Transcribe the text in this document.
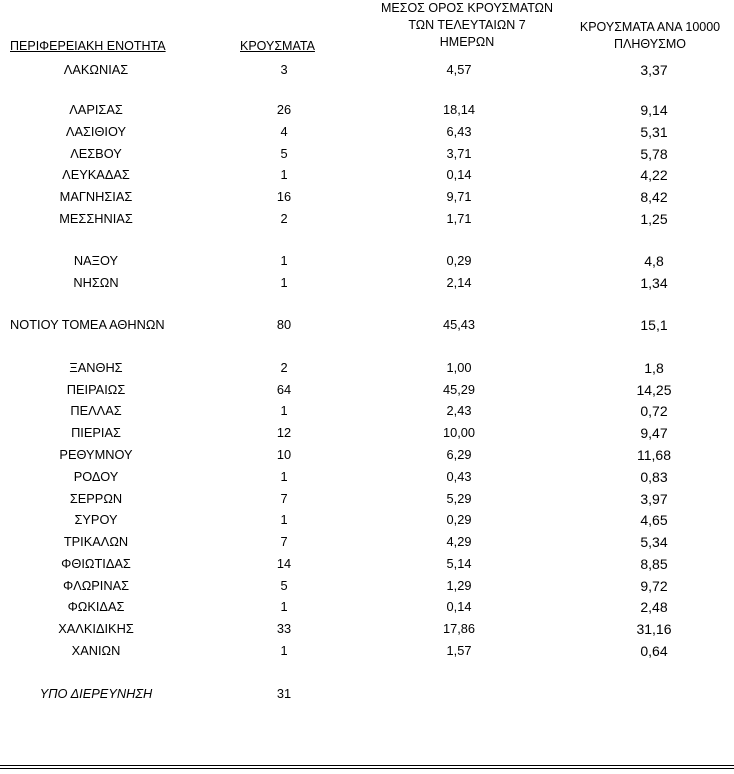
ΠΕΡΙΦΕΡΕΙΑΚΗ ΕΝΟΤΗΤΑ	ΚΡΟΥΣΜΑΤΑ
ΜΕΣΟΣ ΟΡΟΣ ΚΡΟΥΣΜΑΤΩΝ
ΤΩΝ ΤΕΛΕΥΤΑΙΩΝ 7
ΗΜΕΡΩΝ
ΚΡΟΥΣΜΑΤΑ ΑΝΑ 10000
ΠΛΗΘΥΣΜΟ
ΛΑΚΩΝΙΑΣ	3	4,57	3,37
ΛΑΡΙΣΑΣ	26	18,14	9,14
ΛΑΣΙΘΙΟΥ	4	6,43	5,31
ΛΕΣΒΟΥ	5	3,71	5,78
ΛΕΥΚΑΔΑΣ	1	0,14	4,22
ΜΑΓΝΗΣΙΑΣ	16	9,71	8,42
ΜΕΣΣΗΝΙΑΣ	2	1,71	1,25
ΝΑΞΟΥ	1	0,29	4,8
ΝΗΣΩΝ	1	2,14	1,34
ΝΟΤΙΟΥ ΤΟΜΕΑ ΑΘΗΝΩΝ	80	45,43	15,1
ΞΑΝΘΗΣ	2	1,00	1,8
ΠΕΙΡΑΙΩΣ	64	45,29	14,25
ΠΕΛΛΑΣ	1	2,43	0,72
ΠΙΕΡΙΑΣ	12	10,00	9,47
ΡΕΘΥΜΝΟΥ	10	6,29	11,68
ΡΟΔΟΥ	1	0,43	0,83
ΣΕΡΡΩΝ	7	5,29	3,97
ΣΥΡΟΥ	1	0,29	4,65
ΤΡΙΚΑΛΩΝ	7	4,29	5,34
ΦΘΙΩΤΙΔΑΣ	14	5,14	8,85
ΦΛΩΡΙΝΑΣ	5	1,29	9,72
ΦΩΚΙΔΑΣ	1	0,14	2,48
ΧΑΛΚΙΔΙΚΗΣ	33	17,86	31,16
ΧΑΝΙΩΝ	1	1,57	0,64
ΥΠΟ ΔΙΕΡΕΥΝΗΣΗ	31
